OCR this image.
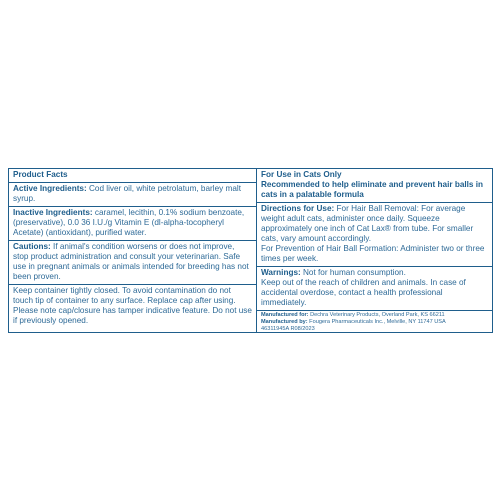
Product Facts
Active Ingredients: Cod liver oil, white petrolatum, barley malt syrup.
Inactive Ingredients: caramel, lecithin, 0.1% sodium benzoate, (preservative), 0.0 36 I.U./g Vitamin E (dl-alpha-tocopheryl Acetate) (antioxidant), purified water.
Cautions: If animal's condition worsens or does not improve, stop product administration and consult your veterinarian. Safe use in pregnant animals or animals intended for breeding has not been proven.
Keep container tightly closed. To avoid contamination do not touch tip of container to any surface. Replace cap after using. Please note cap/closure has tamper indicative feature. Do not use if previously opened.
For Use in Cats Only
Recommended to help eliminate and prevent hair balls in cats in a palatable formula
Directions for Use: For Hair Ball Removal: For average weight adult cats, administer once daily. Squeeze approximately one inch of Cat Lax® from tube. For smaller cats, vary amount accordingly.
For Prevention of Hair Ball Formation: Administer two or three times per week.
Warnings: Not for human consumption.
Keep out of the reach of children and animals. In case of accidental overdose, contact a health professional immediately.
Manufactured for: Dechra Veterinary Products, Overland Park, KS 66211
Manufactured by: Fougera Pharmaceuticals Inc., Melville, NY 11747 USA
46311945A R08/2023
